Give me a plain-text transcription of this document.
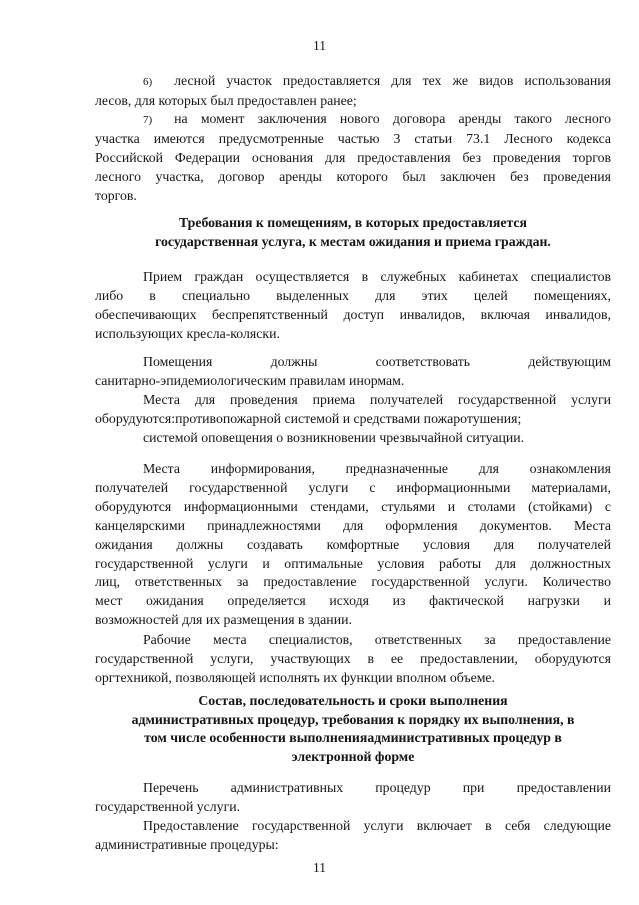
11
6) лесной участок предоставляется для тех же видов использования
лесов, для которых был предоставлен ранее;
7) на момент заключения нового договора аренды такого лесного
участка имеются предусмотренные частью 3 статьи 73.1 Лесного кодекса
Российской Федерации основания для предоставления без проведения торгов
лесного участка, договор аренды которого был заключен без проведения
торгов.
Требования к помещениям, в которых предоставляется
государственная услуга, к местам ожидания и приема граждан.
Прием граждан осуществляется в служебных кабинетах специалистов
либо в специально выделенных для этих целей помещениях,
обеспечивающих беспрепятственный доступ инвалидов, включая инвалидов,
использующих кресла-коляски.
Помещения должны соответствовать действующим
санитарно-эпидемиологическим правилам инормам.
Места для проведения приема получателей государственной услуги
оборудуются:противопожарной системой и средствами пожаротушения;
системой оповещения о возникновении чрезвычайной ситуации.
Места информирования, предназначенные для ознакомления
получателей государственной услуги с информационными материалами,
оборудуются информационными стендами, стульями и столами (стойками) с
канцелярскими принадлежностями для оформления документов. Места
ожидания должны создавать комфортные условия для получателей
государственной услуги и оптимальные условия работы для должностных
лиц, ответственных за предоставление государственной услуги. Количество
мест ожидания определяется исходя из фактической нагрузки и
возможностей для их размещения в здании.
Рабочие места специалистов, ответственных за предоставление
государственной услуги, участвующих в ее предоставлении, оборудуются
оргтехникой, позволяющей исполнять их функции вполном объеме.
Состав, последовательность и сроки выполнения
административных процедур, требования к порядку их выполнения, в
том числе особенности выполненияадминистративных процедур в
электронной форме
Перечень административных процедур при предоставлении
государственной услуги.
Предоставление государственной услуги включает в себя следующие
административные процедуры:
11
